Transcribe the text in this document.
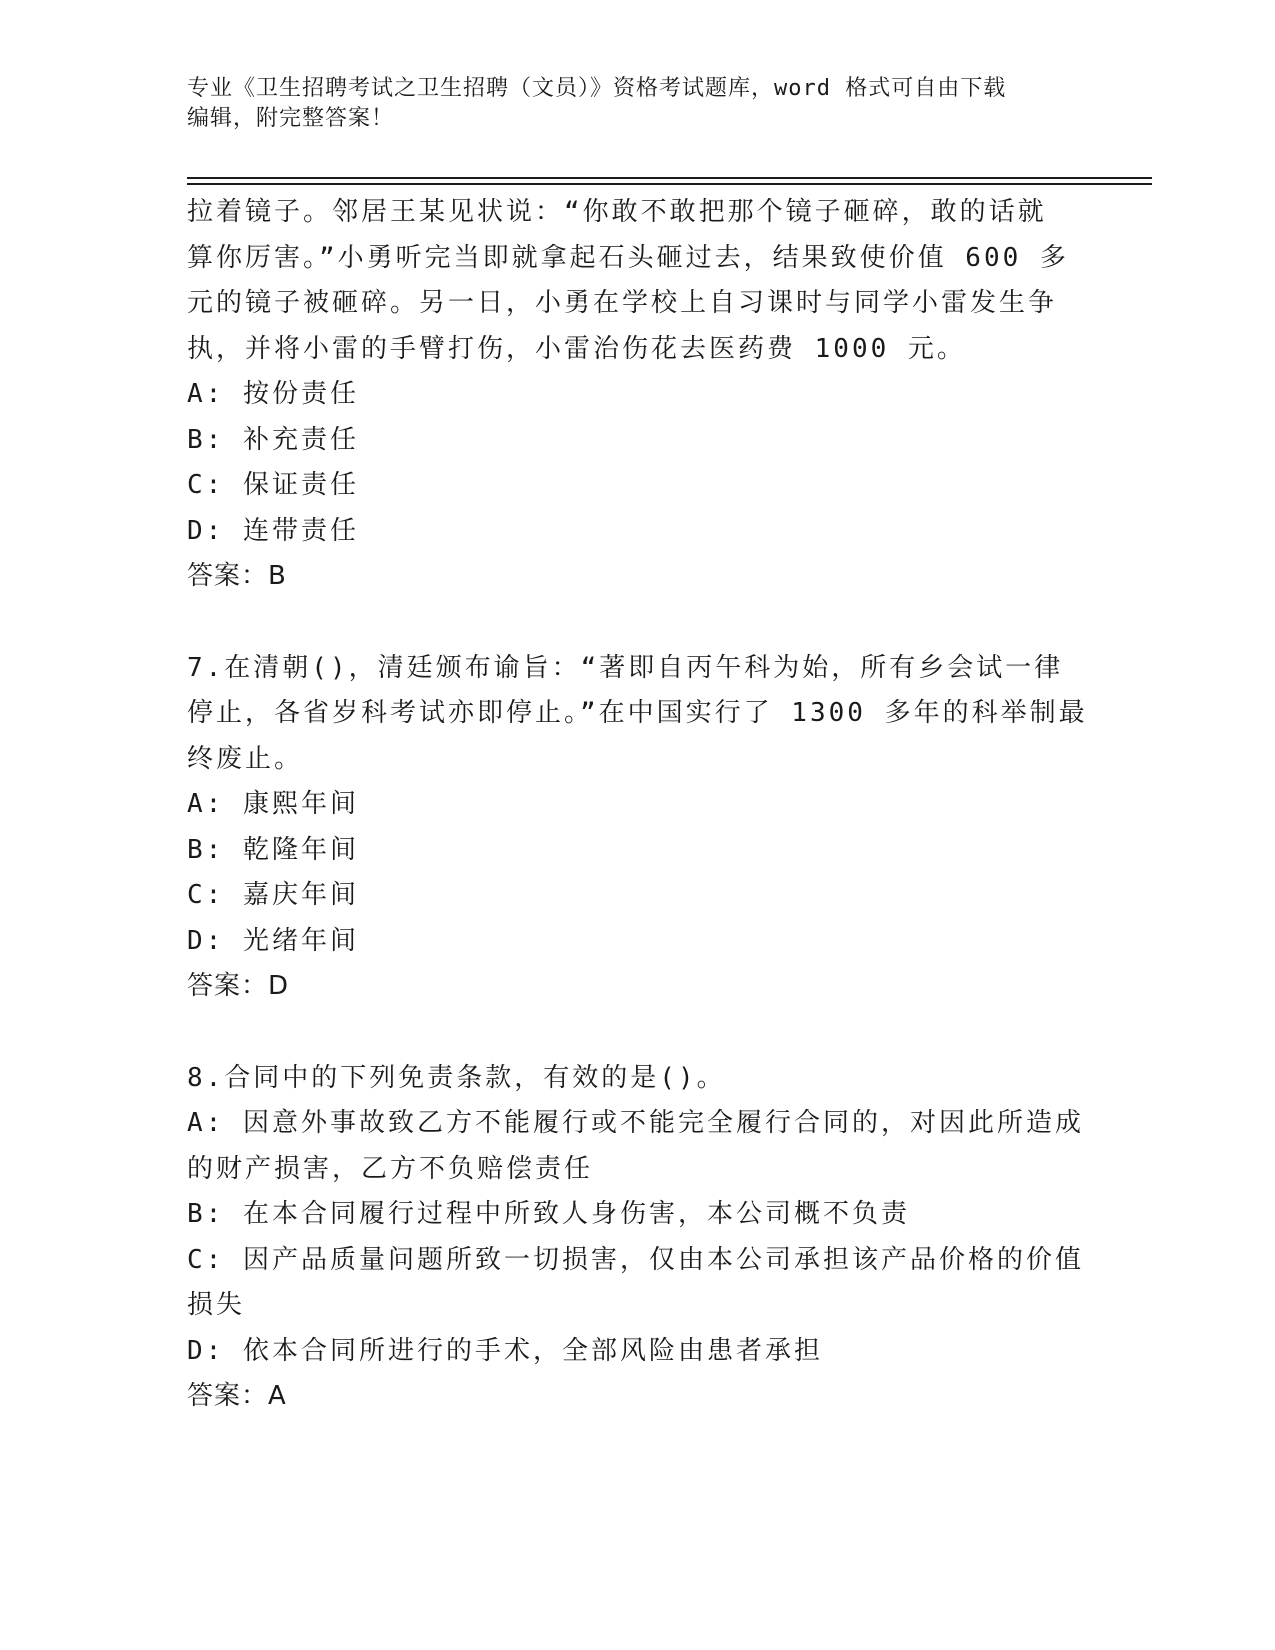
专业《卫生招聘考试之卫生招聘（文员）》资格考试题库，word 格式可自由下载
编辑，附完整答案！
拉着镜子。邻居王某见状说：“你敢不敢把那个镜子砸碎，敢的话就
算你厉害。”小勇听完当即就拿起石头砸过去，结果致使价值 600 多
元的镜子被砸碎。另一日，小勇在学校上自习课时与同学小雷发生争
执，并将小雷的手臂打伤，小雷治伤花去医药费 1000 元。
A: 按份责任
B: 补充责任
C: 保证责任
D: 连带责任
答案：B
7.在清朝()，清廷颁布谕旨：“著即自丙午科为始，所有乡会试一律
停止，各省岁科考试亦即停止。”在中国实行了 1300 多年的科举制最
终废止。
A: 康熙年间
B: 乾隆年间
C: 嘉庆年间
D: 光绪年间
答案：D
8.合同中的下列免责条款，有效的是()。
A: 因意外事故致乙方不能履行或不能完全履行合同的，对因此所造成
的财产损害，乙方不负赔偿责任
B: 在本合同履行过程中所致人身伤害，本公司概不负责
C: 因产品质量问题所致一切损害，仅由本公司承担该产品价格的价值
损失
D: 依本合同所进行的手术，全部风险由患者承担
答案：A
